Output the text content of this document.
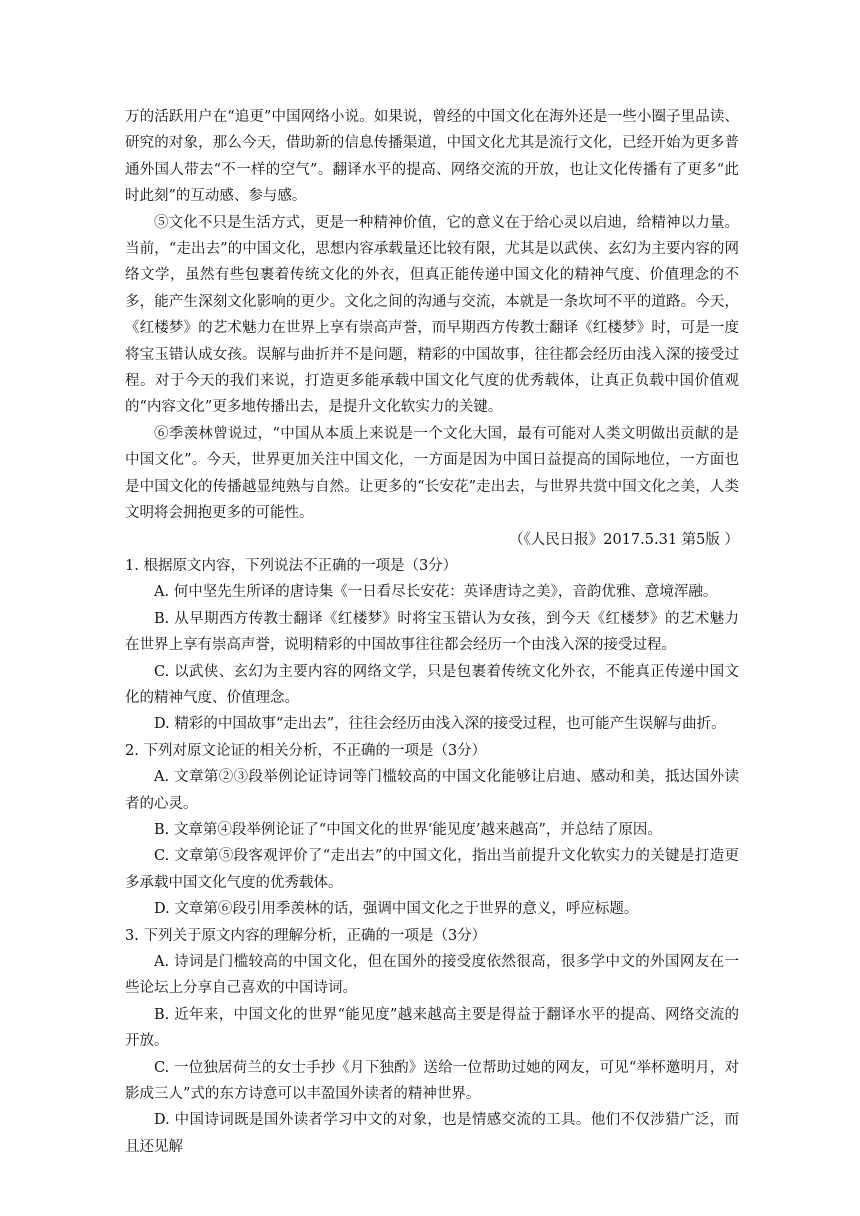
万的活跃用户在“追更”中国网络小说。如果说，曾经的中国文化在海外还是一些小圈子里品读、研究的对象，那么今天，借助新的信息传播渠道，中国文化尤其是流行文化，已经开始为更多普通外国人带去“不一样的空气”。翻译水平的提高、网络交流的开放，也让文化传播有了更多“此时此刻”的互动感、参与感。

⑤文化不只是生活方式，更是一种精神价值，它的意义在于给心灵以启迪，给精神以力量。当前，“走出去”的中国文化，思想内容承载量还比较有限，尤其是以武侠、玄幻为主要内容的网络文学，虽然有些包裹着传统文化的外衣，但真正能传递中国文化的精神气度、价值理念的不多，能产生深刻文化影响的更少。文化之间的沟通与交流，本就是一条坎坷不平的道路。今天，《红楼梦》的艺术魅力在世界上享有崇高声誉，而早期西方传教士翻译《红楼梦》时，可是一度将宝玉错认成女孩。误解与曲折并不是问题，精彩的中国故事，往往都会经历由浅入深的接受过程。对于今天的我们来说，打造更多能承载中国文化气度的优秀载体，让真正负载中国价值观的“内容文化”更多地传播出去，是提升文化软实力的关键。

⑥季羡林曾说过，“中国从本质上来说是一个文化大国，最有可能对人类文明做出贡献的是中国文化”。今天，世界更加关注中国文化，一方面是因为中国日益提高的国际地位，一方面也是中国文化的传播越显纯熟与自然。让更多的“长安花”走出去，与世界共赏中国文化之美，人类文明将会拥抱更多的可能性。

（《人民日报》2017.5.31 第5版 ）

1. 根据原文内容，下列说法不正确的一项是（3分）

A. 何中坚先生所译的唐诗集《一日看尽长安花：英译唐诗之美》，音韵优雅、意境浑融。

B. 从早期西方传教士翻译《红楼梦》时将宝玉错认为女孩，到今天《红楼梦》的艺术魅力在世界上享有崇高声誉，说明精彩的中国故事往往都会经历一个由浅入深的接受过程。

C. 以武侠、玄幻为主要内容的网络文学，只是包裹着传统文化外衣，不能真正传递中国文化的精神气度、价值理念。

D. 精彩的中国故事“走出去”，往往会经历由浅入深的接受过程，也可能产生误解与曲折。

2. 下列对原文论证的相关分析，不正确的一项是（3分）

A. 文章第②③段举例论证诗词等门槛较高的中国文化能够让启迪、感动和美，抵达国外读者的心灵。

B. 文章第④段举例论证了“中国文化的世界‘能见度’越来越高”，并总结了原因。

C. 文章第⑤段客观评价了“走出去”的中国文化，指出当前提升文化软实力的关键是打造更多承载中国文化气度的优秀载体。

D. 文章第⑥段引用季羡林的话，强调中国文化之于世界的意义，呼应标题。

3. 下列关于原文内容的理解分析，正确的一项是（3分）

A. 诗词是门槛较高的中国文化，但在国外的接受度依然很高，很多学中文的外国网友在一些论坛上分享自己喜欢的中国诗词。

B. 近年来，中国文化的世界“能见度”越来越高主要是得益于翻译水平的提高、网络交流的开放。

C. 一位独居荷兰的女士手抄《月下独酌》送给一位帮助过她的网友，可见“举杯邀明月，对影成三人”式的东方诗意可以丰盈国外读者的精神世界。

D. 中国诗词既是国外读者学习中文的对象，也是情感交流的工具。他们不仅涉猎广泛，而且还见解
